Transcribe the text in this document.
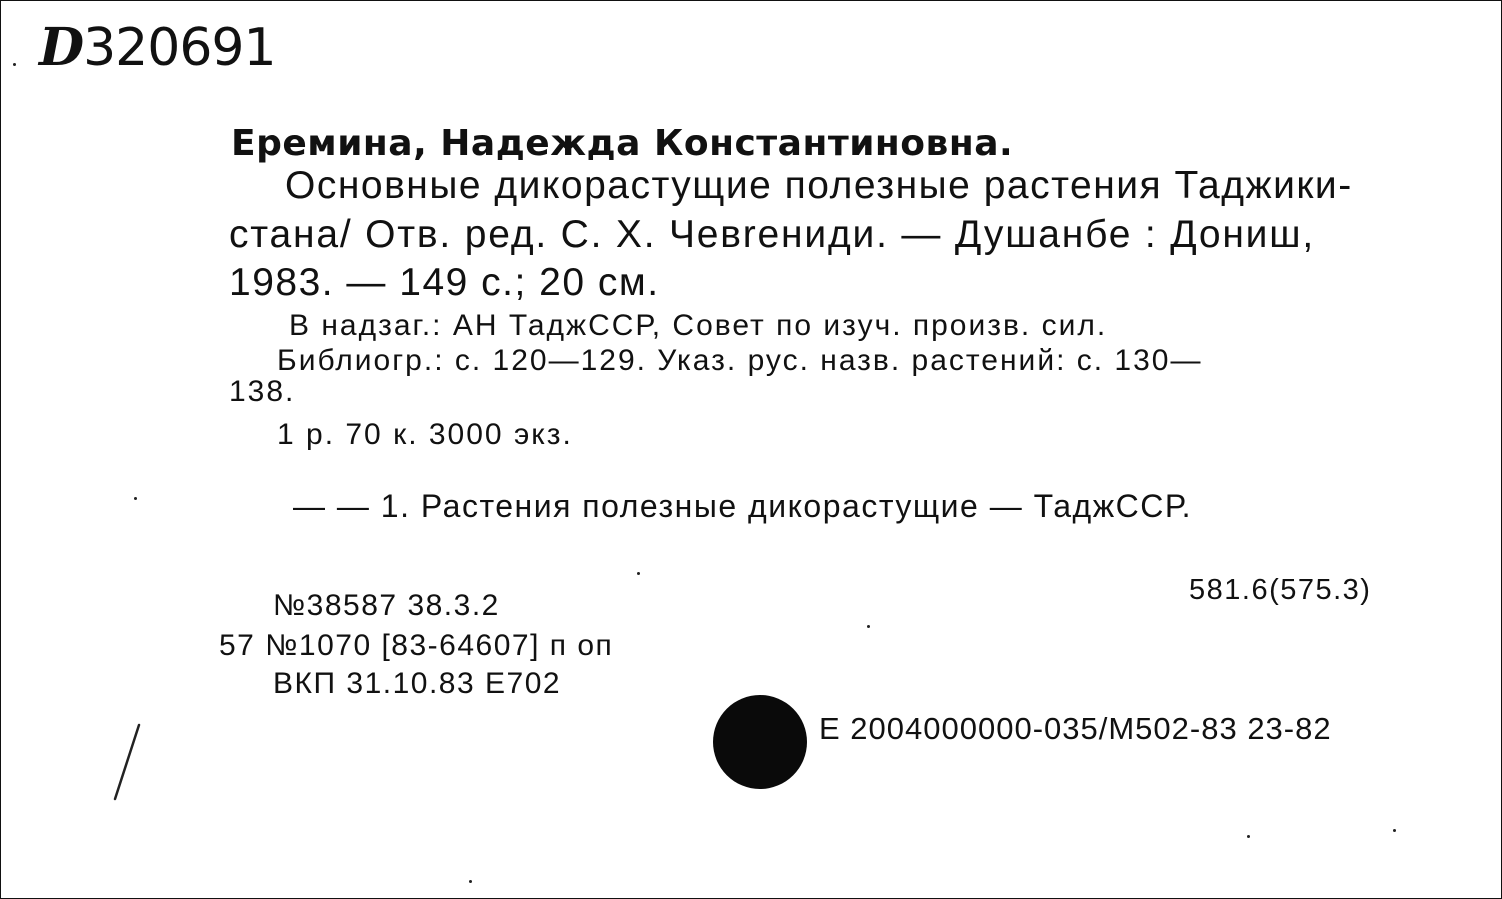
D320691
Еремина, Надежда Константиновна.
Основные дикорастущие полезные растения Таджики-
стана/ Отв. ред. С. Х. Чевreниди. — Душанбе : Дониш,
1983. — 149 с.; 20 см.
В надзаг.: АН ТаджССР, Совет по изуч. произв. сил.
Библиогр.: с. 120—129. Указ. рус. назв. растений: с. 130—
138.
1 р. 70 к. 3000 экз.
— — 1. Растения полезные дикорастущие — ТаджССР.
581.6(575.3)
№38587 38.3.2
57 №1070 [83-64607] п оп
ВКП 31.10.83 Е702
Е 2004000000-035/М502-83 23-82
